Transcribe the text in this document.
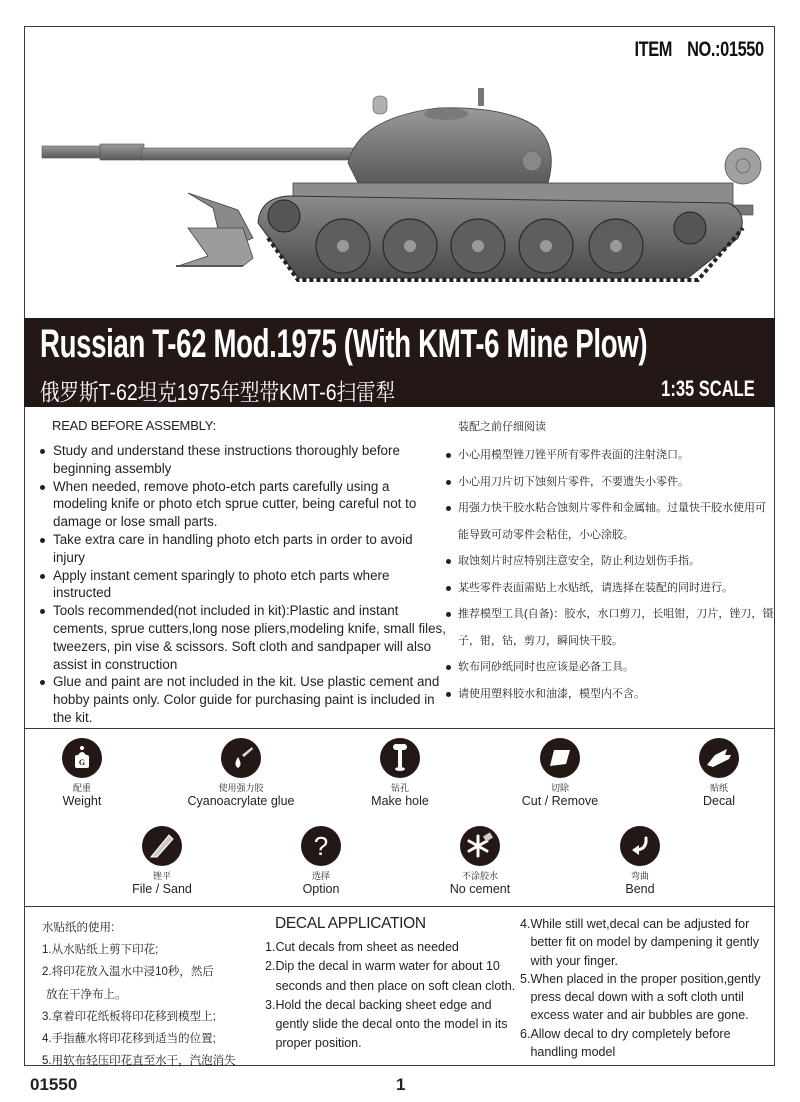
ITEM NO.:01550
Russian T-62 Mod.1975 (With KMT-6 Mine Plow)
俄罗斯T-62坦克1975年型带KMT-6扫雷犁	1:35 SCALE
READ BEFORE ASSEMBLY:	装配之前仔细阅读
Study and understand these instructions thoroughly before beginning assembly
When needed, remove photo-etch parts carefully using a modeling knife or photo etch sprue cutter, being careful not to damage or lose small parts.
Take extra care in handling photo etch parts in order to avoid injury
Apply instant cement sparingly to photo etch parts where instructed
Tools recommended(not included in kit):Plastic and instant cements, sprue cutters,long nose pliers,modeling knife, small files, tweezers, pin vise & scissors. Soft cloth and sandpaper will also assist in construction
Glue and paint are not included in the kit. Use plastic cement and hobby paints only. Color guide for purchasing paint is included in the kit.
小心用模型锉刀锉平所有零件表面的注射浇口。
小心用刀片切下蚀刻片零件，不要遗失小零件。
用强力快干胶水粘合蚀刻片零件和金属轴。过量快干胶水使用可能导致可动零件会粘住，小心涂胶。
取蚀刻片时应特别注意安全，防止利边划伤手指。
某些零件表面需贴上水贴纸，请选择在装配的同时进行。
推荐模型工具(自备)：胶水，水口剪刀，长咀钳，刀片，锉刀，镊子，钳，钻，剪刀，瞬间快干胶。
软布同砂纸同时也应该是必备工具。
请使用塑料胶水和油漆，模型内不含。
G
配重
Weight
使用强力胶
Cyanoacrylate glue
钻孔
Make hole
切除
Cut / Remove
贴纸
Decal
锉平
File / Sand
?
选择
Option
不涂胶水
No cement
弯曲
Bend
水贴纸的使用:
1.从水贴纸上剪下印花;
2.将印花放入温水中浸10秒，然后
放在干净布上。
3.拿着印花纸板将印花移到模型上;
4.手指蘸水将印花移到适当的位置;
5.用软布轻压印花直至水干，汽泡消失
DECAL APPLICATION
1.Cut decals from sheet as needed
2. Dip the decal in warm water for about 10 seconds and then place on soft clean cloth.
3. Hold the decal backing sheet edge and gently slide the decal onto the model in its proper position.
4. While still wet,decal can be adjusted for better fit on model by dampening it gently with your finger.
5. When placed in the proper position,gently press decal down with a soft cloth until excess water and air bubbles are gone.
6. Allow decal to dry completely before handling model
01550	1
